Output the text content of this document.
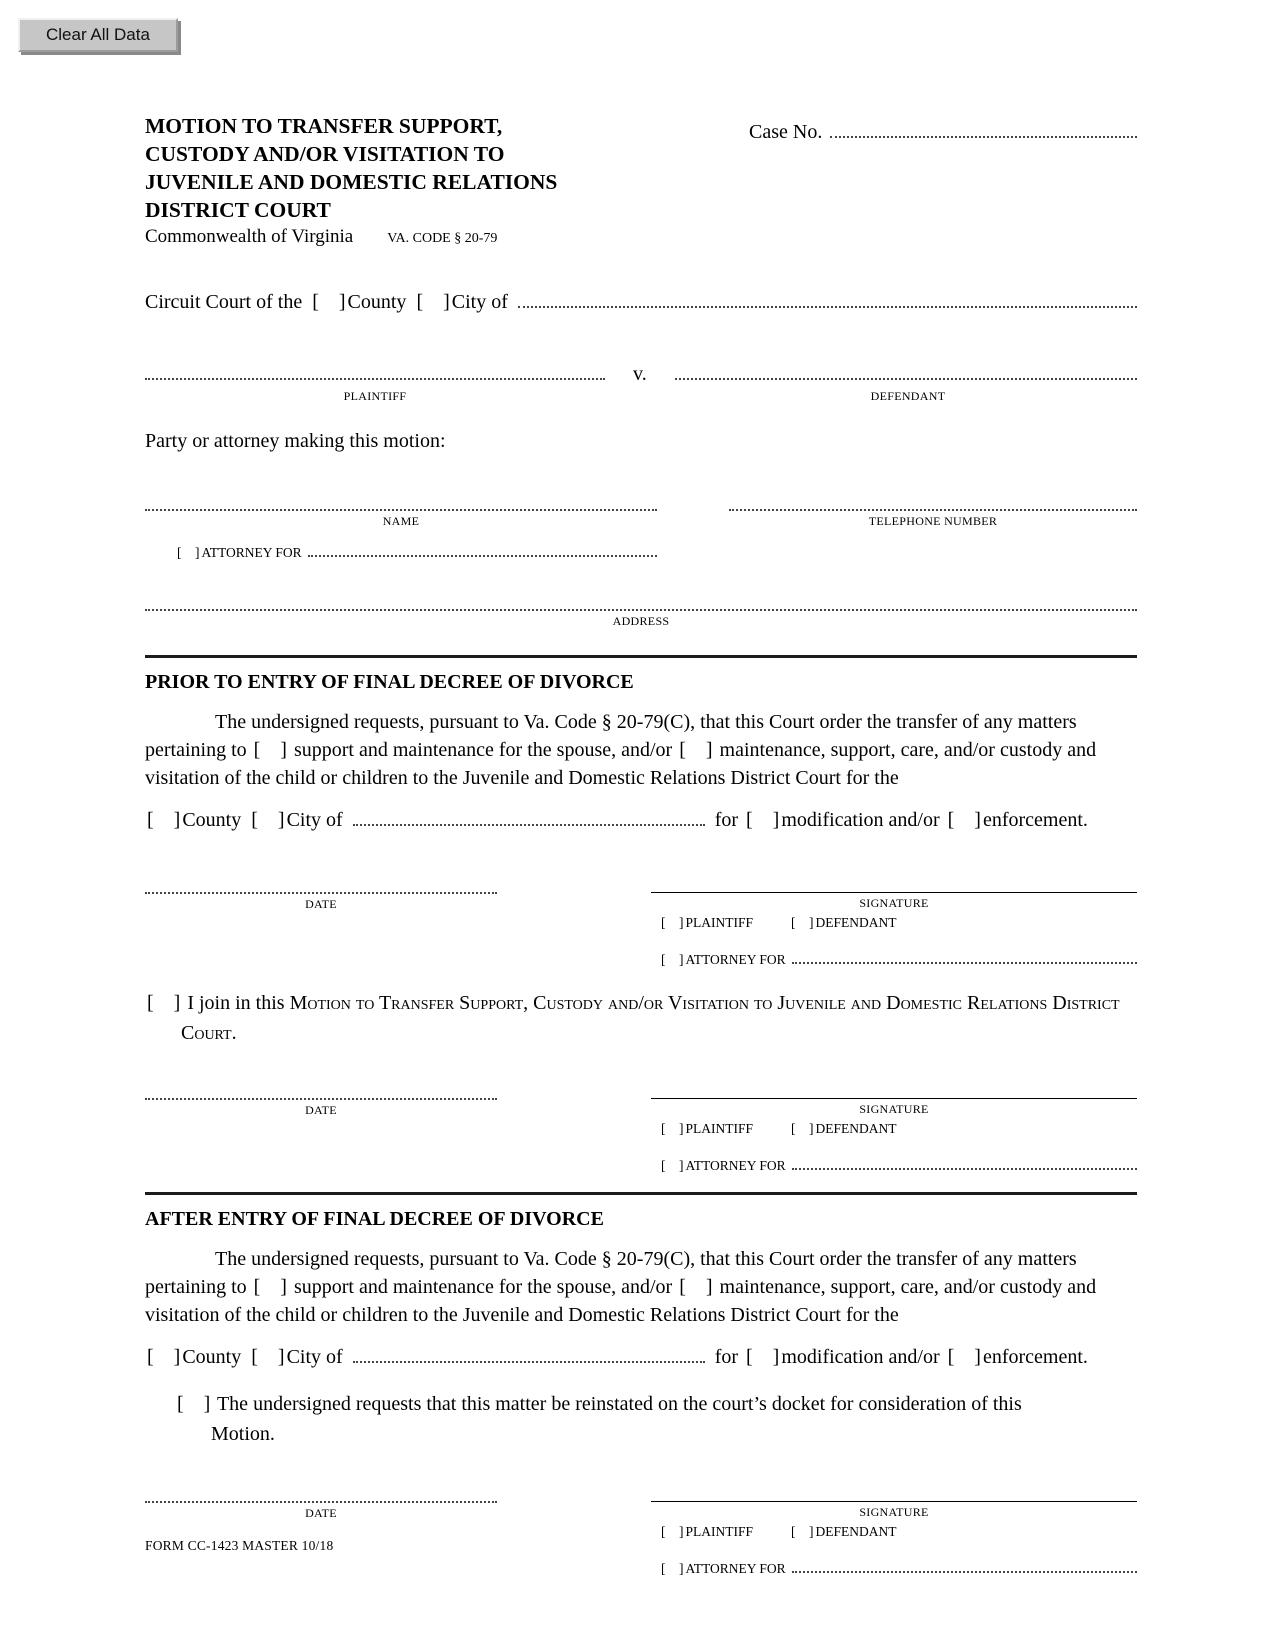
Clear All Data
MOTION TO TRANSFER SUPPORT,
CUSTODY AND/OR VISITATION TO
JUVENILE AND DOMESTIC RELATIONS
DISTRICT COURT
Case No.
Commonwealth of Virginia VA. CODE § 20-79
Circuit Court of the [  ] County [  ] City of
v.
PLAINTIFF	DEFENDANT
Party or attorney making this motion:
NAME	TELEPHONE NUMBER
[  ] ATTORNEY FOR
ADDRESS
PRIOR TO ENTRY OF FINAL DECREE OF DIVORCE

The undersigned requests, pursuant to Va. Code § 20-79(C), that this Court order the transfer of any matters pertaining to [  ] support and maintenance for the spouse, and/or [  ] maintenance, support, care, and/or custody and visitation of the child or children to the Juvenile and Domestic Relations District Court for the

[  ] County [  ] City of	for [  ] modification and/or [  ] enforcement.
DATE	SIGNATURE
[  ] PLAINTIFF	[  ] DEFENDANT
[  ] ATTORNEY FOR
[  ] I join in this Motion to Transfer Support, Custody and/or Visitation to Juvenile and Domestic Relations District Court.
DATE	SIGNATURE
[  ] PLAINTIFF	[  ] DEFENDANT
[  ] ATTORNEY FOR
AFTER ENTRY OF FINAL DECREE OF DIVORCE

The undersigned requests, pursuant to Va. Code § 20-79(C), that this Court order the transfer of any matters pertaining to [  ] support and maintenance for the spouse, and/or [  ] maintenance, support, care, and/or custody and visitation of the child or children to the Juvenile and Domestic Relations District Court for the

[  ] County [  ] City of	for [  ] modification and/or [  ] enforcement.
[  ] The undersigned requests that this matter be reinstated on the court’s docket for consideration of this Motion.
DATE	SIGNATURE
[  ] PLAINTIFF	[  ] DEFENDANT
[  ] ATTORNEY FOR
FORM CC-1423 MASTER 10/18
